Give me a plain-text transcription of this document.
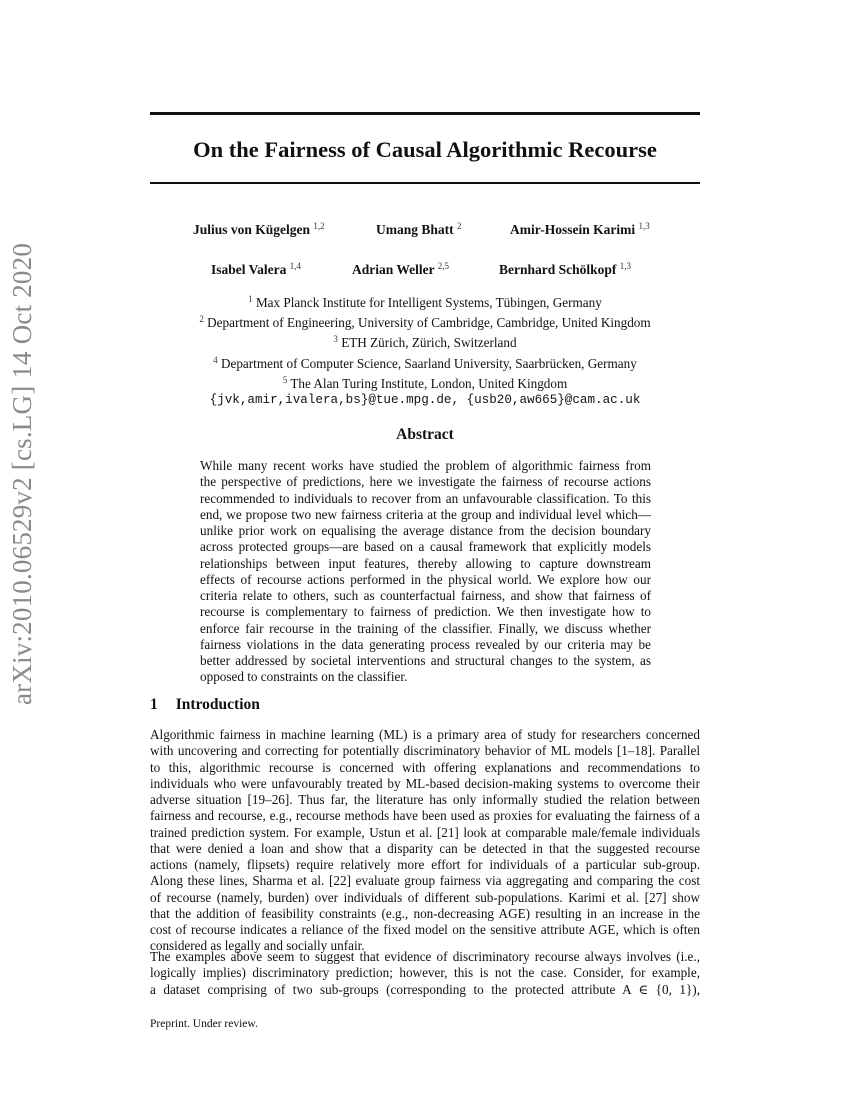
arXiv:2010.06529v2 [cs.LG] 14 Oct 2020
On the Fairness of Causal Algorithmic Recourse
Julius von Kügelgen $^{1,2}$	Umang Bhatt $^2$	Amir-Hossein Karimi $^{1,3}$
Isabel Valera $^{1,4}$	Adrian Weller $^{2,5}$	Bernhard Schölkopf $^{1,3}$
$^1$ Max Planck Institute for Intelligent Systems, Tübingen, Germany
$^2$ Department of Engineering, University of Cambridge, Cambridge, United Kingdom
$^3$ ETH Zürich, Zürich, Switzerland
$^4$ Department of Computer Science, Saarland University, Saarbrücken, Germany
$^5$ The Alan Turing Institute, London, United Kingdom
{jvk,amir,ivalera,bs}@tue.mpg.de, {usb20,aw665}@cam.ac.uk
Abstract
While many recent works have studied the problem of algorithmic fairness from
the perspective of predictions, here we investigate the fairness of recourse actions
recommended to individuals to recover from an unfavourable classification. To this
end, we propose two new fairness criteria at the group and individual level which—
unlike prior work on equalising the average distance from the decision boundary
across protected groups—are based on a causal framework that explicitly models
relationships between input features, thereby allowing to capture downstream
effects of recourse actions performed in the physical world. We explore how our
criteria relate to others, such as counterfactual fairness, and show that fairness of
recourse is complementary to fairness of prediction. We then investigate how to
enforce fair recourse in the training of the classifier. Finally, we discuss whether
fairness violations in the data generating process revealed by our criteria may be
better addressed by societal interventions and structural changes to the system, as
opposed to constraints on the classifier.
1 Introduction
Algorithmic fairness in machine learning (ML) is a primary area of study for researchers concerned
with uncovering and correcting for potentially discriminatory behavior of ML models [1–18]. Parallel
to this, algorithmic recourse is concerned with offering explanations and recommendations to
individuals who were unfavourably treated by ML-based decision-making systems to overcome their
adverse situation [19–26]. Thus far, the literature has only informally studied the relation between
fairness and recourse, e.g., recourse methods have been used as proxies for evaluating the fairness of a
trained prediction system. For example, Ustun et al. [21] look at comparable male/female individuals
that were denied a loan and show that a disparity can be detected in that the suggested recourse
actions (namely, flipsets) require relatively more effort for individuals of a particular sub-group.
Along these lines, Sharma et al. [22] evaluate group fairness via aggregating and comparing the cost
of recourse (namely, burden) over individuals of different sub-populations. Karimi et al. [27] show
that the addition of feasibility constraints (e.g., non-decreasing AGE) resulting in an increase in the
cost of recourse indicates a reliance of the fixed model on the sensitive attribute AGE, which is often
considered as legally and socially unfair.
The examples above seem to suggest that evidence of discriminatory recourse always involves (i.e.,
logically implies) discriminatory prediction; however, this is not the case. Consider, for example,
a dataset comprising of two sub-groups (corresponding to the protected attribute A ∈ {0, 1}),
Preprint. Under review.
